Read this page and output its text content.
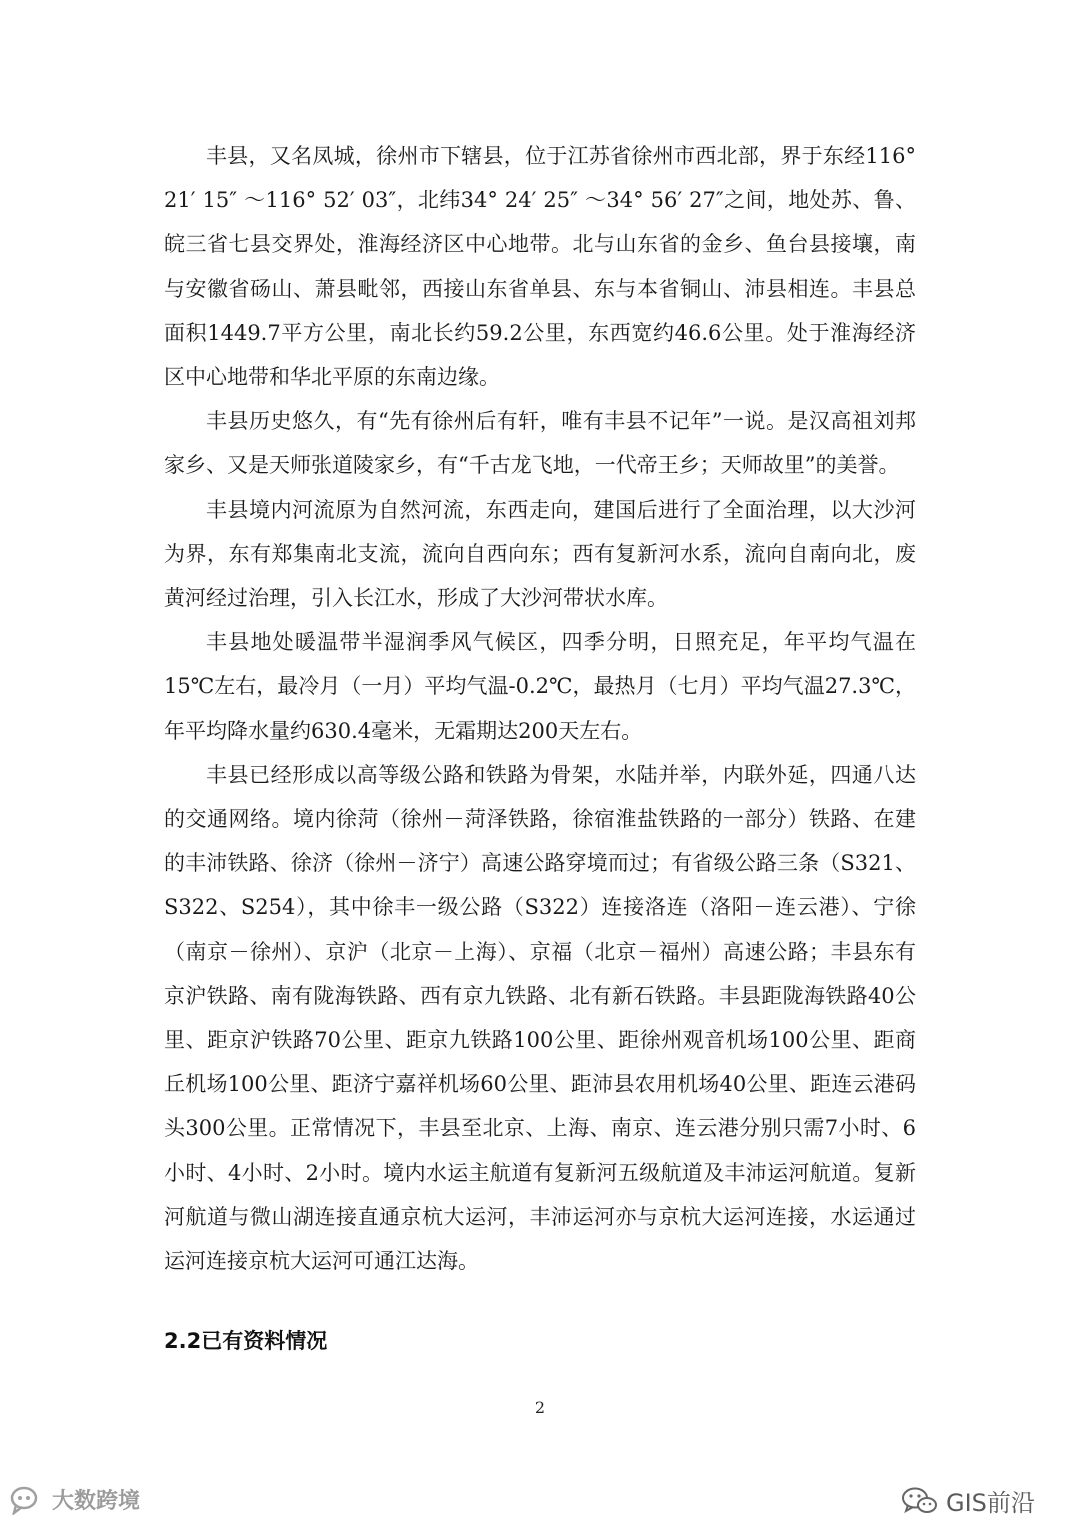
丰县，又名凤城，徐州市下辖县，位于江苏省徐州市西北部，界于东经116° 21′ 15″ ～116° 52′ 03″，北纬34° 24′ 25″ ～34° 56′ 27″之间，地处苏、鲁、皖三省七县交界处，淮海经济区中心地带。北与山东省的金乡、鱼台县接壤，南与安徽省砀山、萧县毗邻，西接山东省单县、东与本省铜山、沛县相连。丰县总面积1449.7平方公里，南北长约59.2公里，东西宽约46.6公里。处于淮海经济区中心地带和华北平原的东南边缘。

丰县历史悠久，有“先有徐州后有轩，唯有丰县不记年”一说。是汉高祖刘邦家乡、又是天师张道陵家乡，有“千古龙飞地，一代帝王乡；天师故里”的美誉。

丰县境内河流原为自然河流，东西走向，建国后进行了全面治理，以大沙河为界，东有郑集南北支流，流向自西向东；西有复新河水系，流向自南向北，废黄河经过治理，引入长江水，形成了大沙河带状水库。

丰县地处暖温带半湿润季风气候区，四季分明，日照充足，年平均气温在15℃左右，最冷月（一月）平均气温-0.2℃，最热月（七月）平均气温27.3℃，年平均降水量约630.4毫米，无霜期达200天左右。

丰县已经形成以高等级公路和铁路为骨架，水陆并举，内联外延，四通八达的交通网络。境内徐菏（徐州－菏泽铁路，徐宿淮盐铁路的一部分）铁路、在建的丰沛铁路、徐济（徐州－济宁）高速公路穿境而过；有省级公路三条（S321、S322、S254），其中徐丰一级公路（S322）连接洛连（洛阳－连云港）、宁徐（南京－徐州）、京沪（北京－上海）、京福（北京－福州）高速公路；丰县东有京沪铁路、南有陇海铁路、西有京九铁路、北有新石铁路。丰县距陇海铁路40公里、距京沪铁路70公里、距京九铁路100公里、距徐州观音机场100公里、距商丘机场100公里、距济宁嘉祥机场60公里、距沛县农用机场40公里、距连云港码头300公里。正常情况下，丰县至北京、上海、南京、连云港分别只需7小时、6小时、4小时、2小时。境内水运主航道有复新河五级航道及丰沛运河航道。复新河航道与微山湖连接直通京杭大运河，丰沛运河亦与京杭大运河连接，水运通过运河连接京杭大运河可通江达海。

2.2已有资料情况
2
大数跨境	GIS前沿
